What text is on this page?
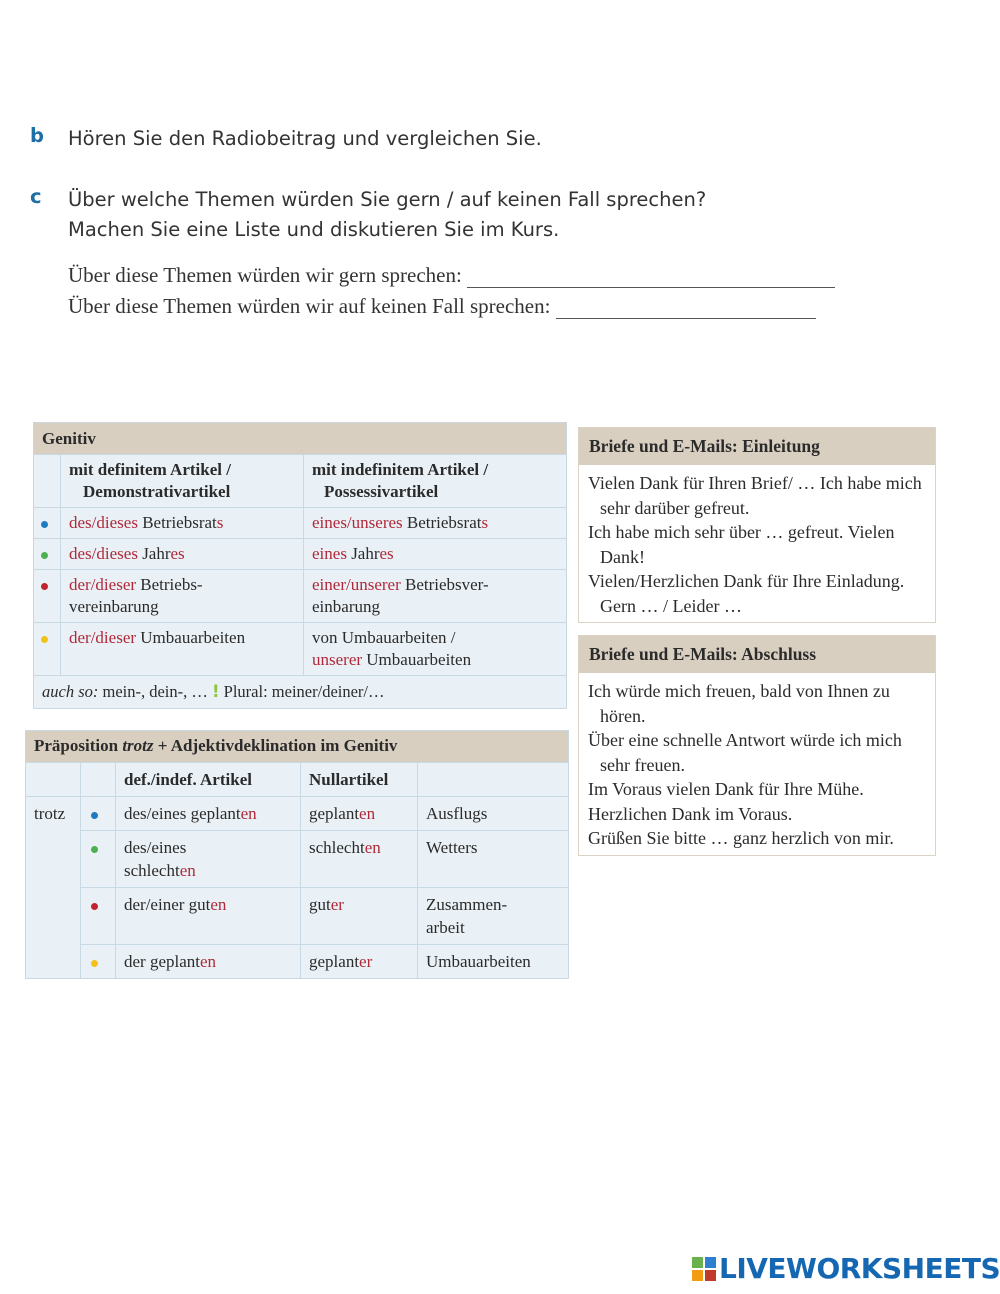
b Hören Sie den Radiobeitrag und vergleichen Sie.
c Über welche Themen würden Sie gern / auf keinen Fall sprechen?
Machen Sie eine Liste und diskutieren Sie im Kurs.
Über diese Themen würden wir gern sprechen:
Über diese Themen würden wir auf keinen Fall sprechen:
Genitiv
	mit definitem Artikel /
Demonstrativartikel	mit indefinitem Artikel /
Possessivartikel
	des/dieses Betriebsrats	eines/unseres Betriebsrats
	des/dieses Jahres	eines Jahres
	der/dieser Betriebs-
vereinbarung	einer/unserer Betriebsver-
einbarung
	der/dieser Umbauarbeiten	von Umbauarbeiten /
unserer Umbauarbeiten
auch so: mein-, dein-, … ! Plural: meiner/deiner/…
Präposition trotz + Adjektivdeklination im Genitiv
		def./indef. Artikel	Nullartikel	
trotz		des/eines geplanten	geplanten	Ausflugs
		des/eines
schlechten	schlechten	Wetters
		der/einer guten	guter	Zusammen-
arbeit
		der geplanten	geplanter	Umbauarbeiten
Briefe und E-Mails: Einleitung
Vielen Dank für Ihren Brief/ … Ich habe mich sehr darüber gefreut.
Ich habe mich sehr über … gefreut. Vielen Dank!
Vielen/Herzlichen Dank für Ihre Einladung. Gern … / Leider …
Briefe und E-Mails: Abschluss
Ich würde mich freuen, bald von Ihnen zu hören.
Über eine schnelle Antwort würde ich mich sehr freuen.
Im Voraus vielen Dank für Ihre Mühe.
Herzlichen Dank im Voraus.
Grüßen Sie bitte … ganz herzlich von mir.
LIVEWORKSHEETS
